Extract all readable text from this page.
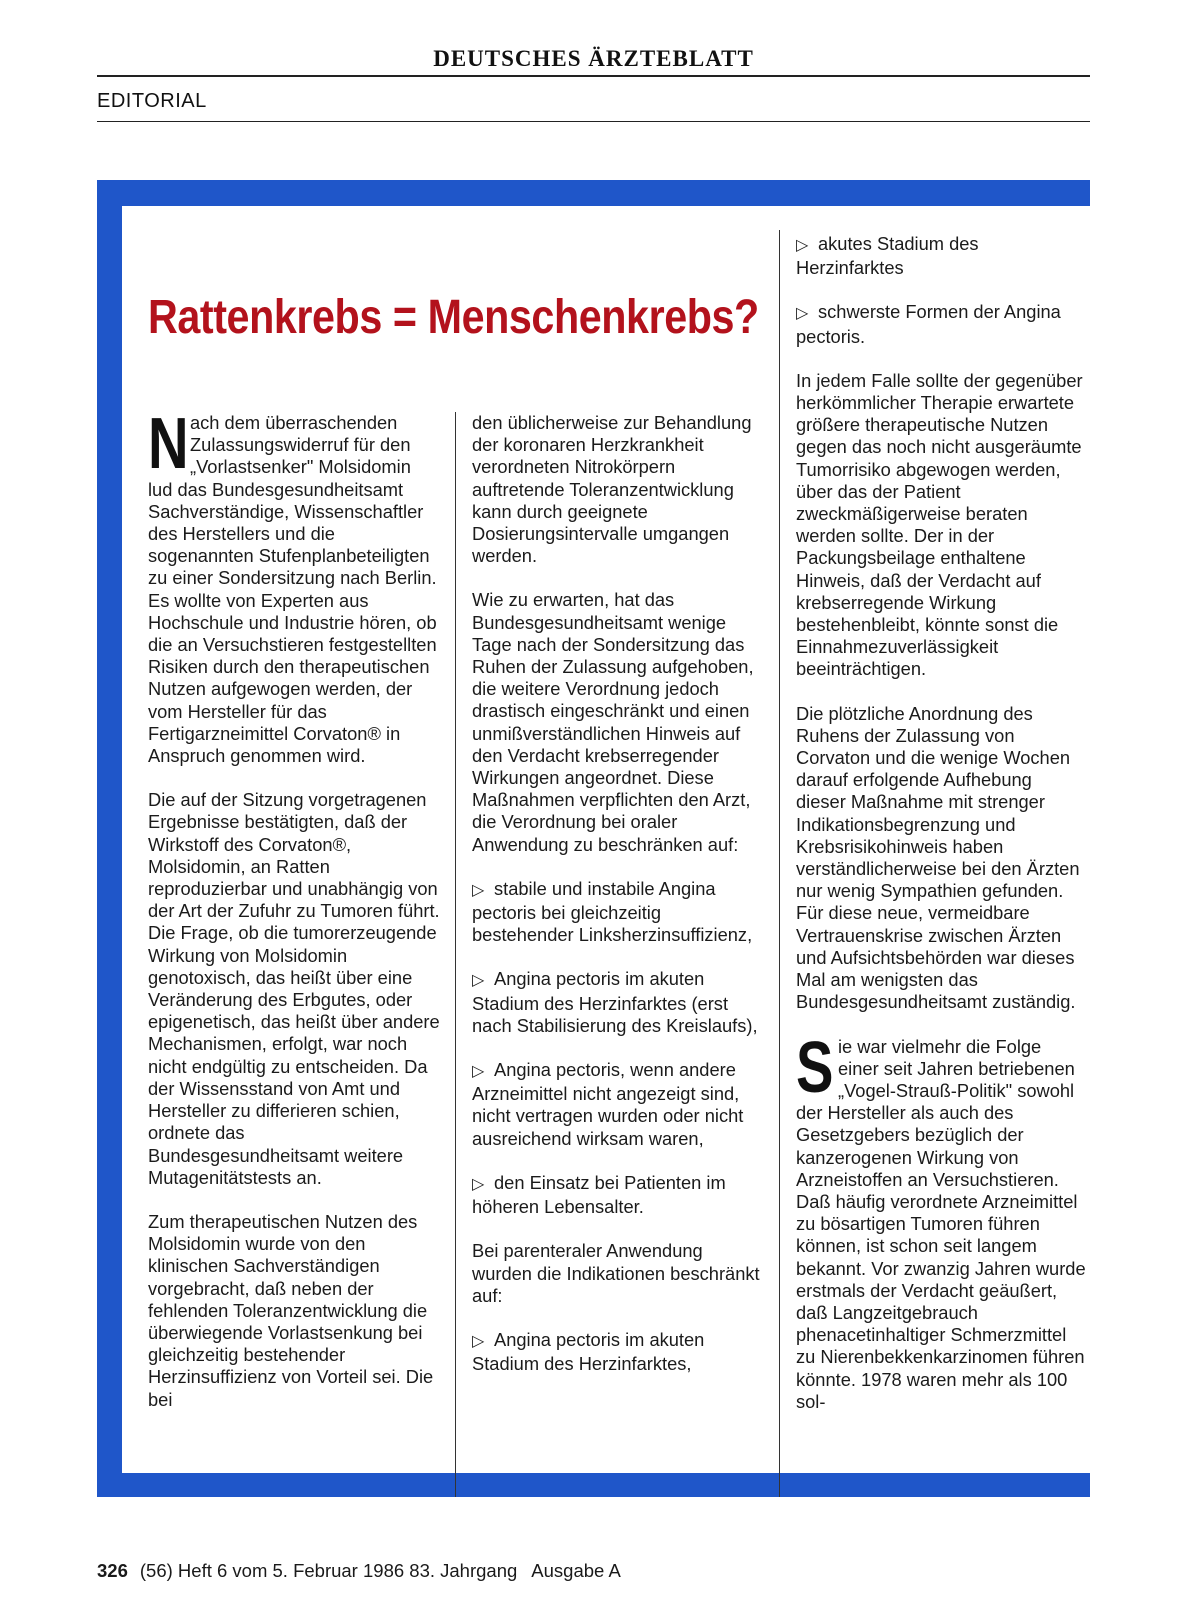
DEUTSCHES ÄRZTEBLATT
EDITORIAL
Rattenkrebs = Menschenkrebs?

Nach dem überraschenden Zulassungswiderruf für den „Vorlastsenker" Molsidomin lud das Bundesgesundheitsamt Sachverständige, Wissenschaftler des Herstellers und die sogenannten Stufenplanbeteiligten zu einer Sondersitzung nach Berlin. Es wollte von Experten aus Hochschule und Industrie hören, ob die an Versuchstieren festgestellten Risiken durch den therapeutischen Nutzen aufgewogen werden, der vom Hersteller für das Fertigarzneimittel Corvaton® in Anspruch genommen wird.

Die auf der Sitzung vorgetragenen Ergebnisse bestätigten, daß der Wirkstoff des Corvaton®, Molsidomin, an Ratten reproduzierbar und unabhängig von der Art der Zufuhr zu Tumoren führt. Die Frage, ob die tumorerzeugende Wirkung von Molsidomin genotoxisch, das heißt über eine Veränderung des Erbgutes, oder epigenetisch, das heißt über andere Mechanismen, erfolgt, war noch nicht endgültig zu entscheiden. Da der Wissensstand von Amt und Hersteller zu differieren schien, ordnete das Bundesgesundheitsamt weitere Mutagenitätstests an.

Zum therapeutischen Nutzen des Molsidomin wurde von den klinischen Sachverständigen vorgebracht, daß neben der fehlenden Toleranzentwicklung die überwiegende Vorlastsenkung bei gleichzeitig bestehender Herzinsuffizienz von Vorteil sei. Die bei

den üblicherweise zur Behandlung der koronaren Herzkrankheit verordneten Nitrokörpern auftretende Toleranzentwicklung kann durch geeignete Dosierungsintervalle umgangen werden.

Wie zu erwarten, hat das Bundesgesundheitsamt wenige Tage nach der Sondersitzung das Ruhen der Zulassung aufgehoben, die weitere Verordnung jedoch drastisch eingeschränkt und einen unmißverständlichen Hinweis auf den Verdacht krebserregender Wirkungen angeordnet. Diese Maßnahmen verpflichten den Arzt, die Verordnung bei oraler Anwendung zu beschränken auf:

▷ stabile und instabile Angina pectoris bei gleichzeitig bestehender Linksherzinsuffizienz,

▷ Angina pectoris im akuten Stadium des Herzinfarktes (erst nach Stabilisierung des Kreislaufs),

▷ Angina pectoris, wenn andere Arzneimittel nicht angezeigt sind, nicht vertragen wurden oder nicht ausreichend wirksam waren,

▷ den Einsatz bei Patienten im höheren Lebensalter.

Bei parenteraler Anwendung wurden die Indikationen beschränkt auf:

▷ Angina pectoris im akuten Stadium des Herzinfarktes,

▷ akutes Stadium des Herzinfarktes

▷ schwerste Formen der Angina pectoris.

In jedem Falle sollte der gegenüber herkömmlicher Therapie erwartete größere therapeutische Nutzen gegen das noch nicht ausgeräumte Tumorrisiko abgewogen werden, über das der Patient zweckmäßigerweise beraten werden sollte. Der in der Packungsbeilage enthaltene Hinweis, daß der Verdacht auf krebserregende Wirkung bestehenbleibt, könnte sonst die Einnahmezuverlässigkeit beeinträchtigen.

Die plötzliche Anordnung des Ruhens der Zulassung von Corvaton und die wenige Wochen darauf erfolgende Aufhebung dieser Maßnahme mit strenger Indikationsbegrenzung und Krebsrisikohinweis haben verständlicherweise bei den Ärzten nur wenig Sympathien gefunden. Für diese neue, vermeidbare Vertrauenskrise zwischen Ärzten und Aufsichtsbehörden war dieses Mal am wenigsten das Bundesgesundheitsamt zuständig.

Sie war vielmehr die Folge einer seit Jahren betriebenen „Vogel-Strauß-Politik" sowohl der Hersteller als auch des Gesetzgebers bezüglich der kanzerogenen Wirkung von Arzneistoffen an Versuchstieren. Daß häufig verordnete Arzneimittel zu bösartigen Tumoren führen können, ist schon seit langem bekannt. Vor zwanzig Jahren wurde erstmals der Verdacht geäußert, daß Langzeitgebrauch phenacetinhaltiger Schmerzmittel zu Nierenbekkenkarzinomen führen könnte. 1978 waren mehr als 100 sol-

326 (56) Heft 6 vom 5. Februar 1986 83. Jahrgang Ausgabe A
